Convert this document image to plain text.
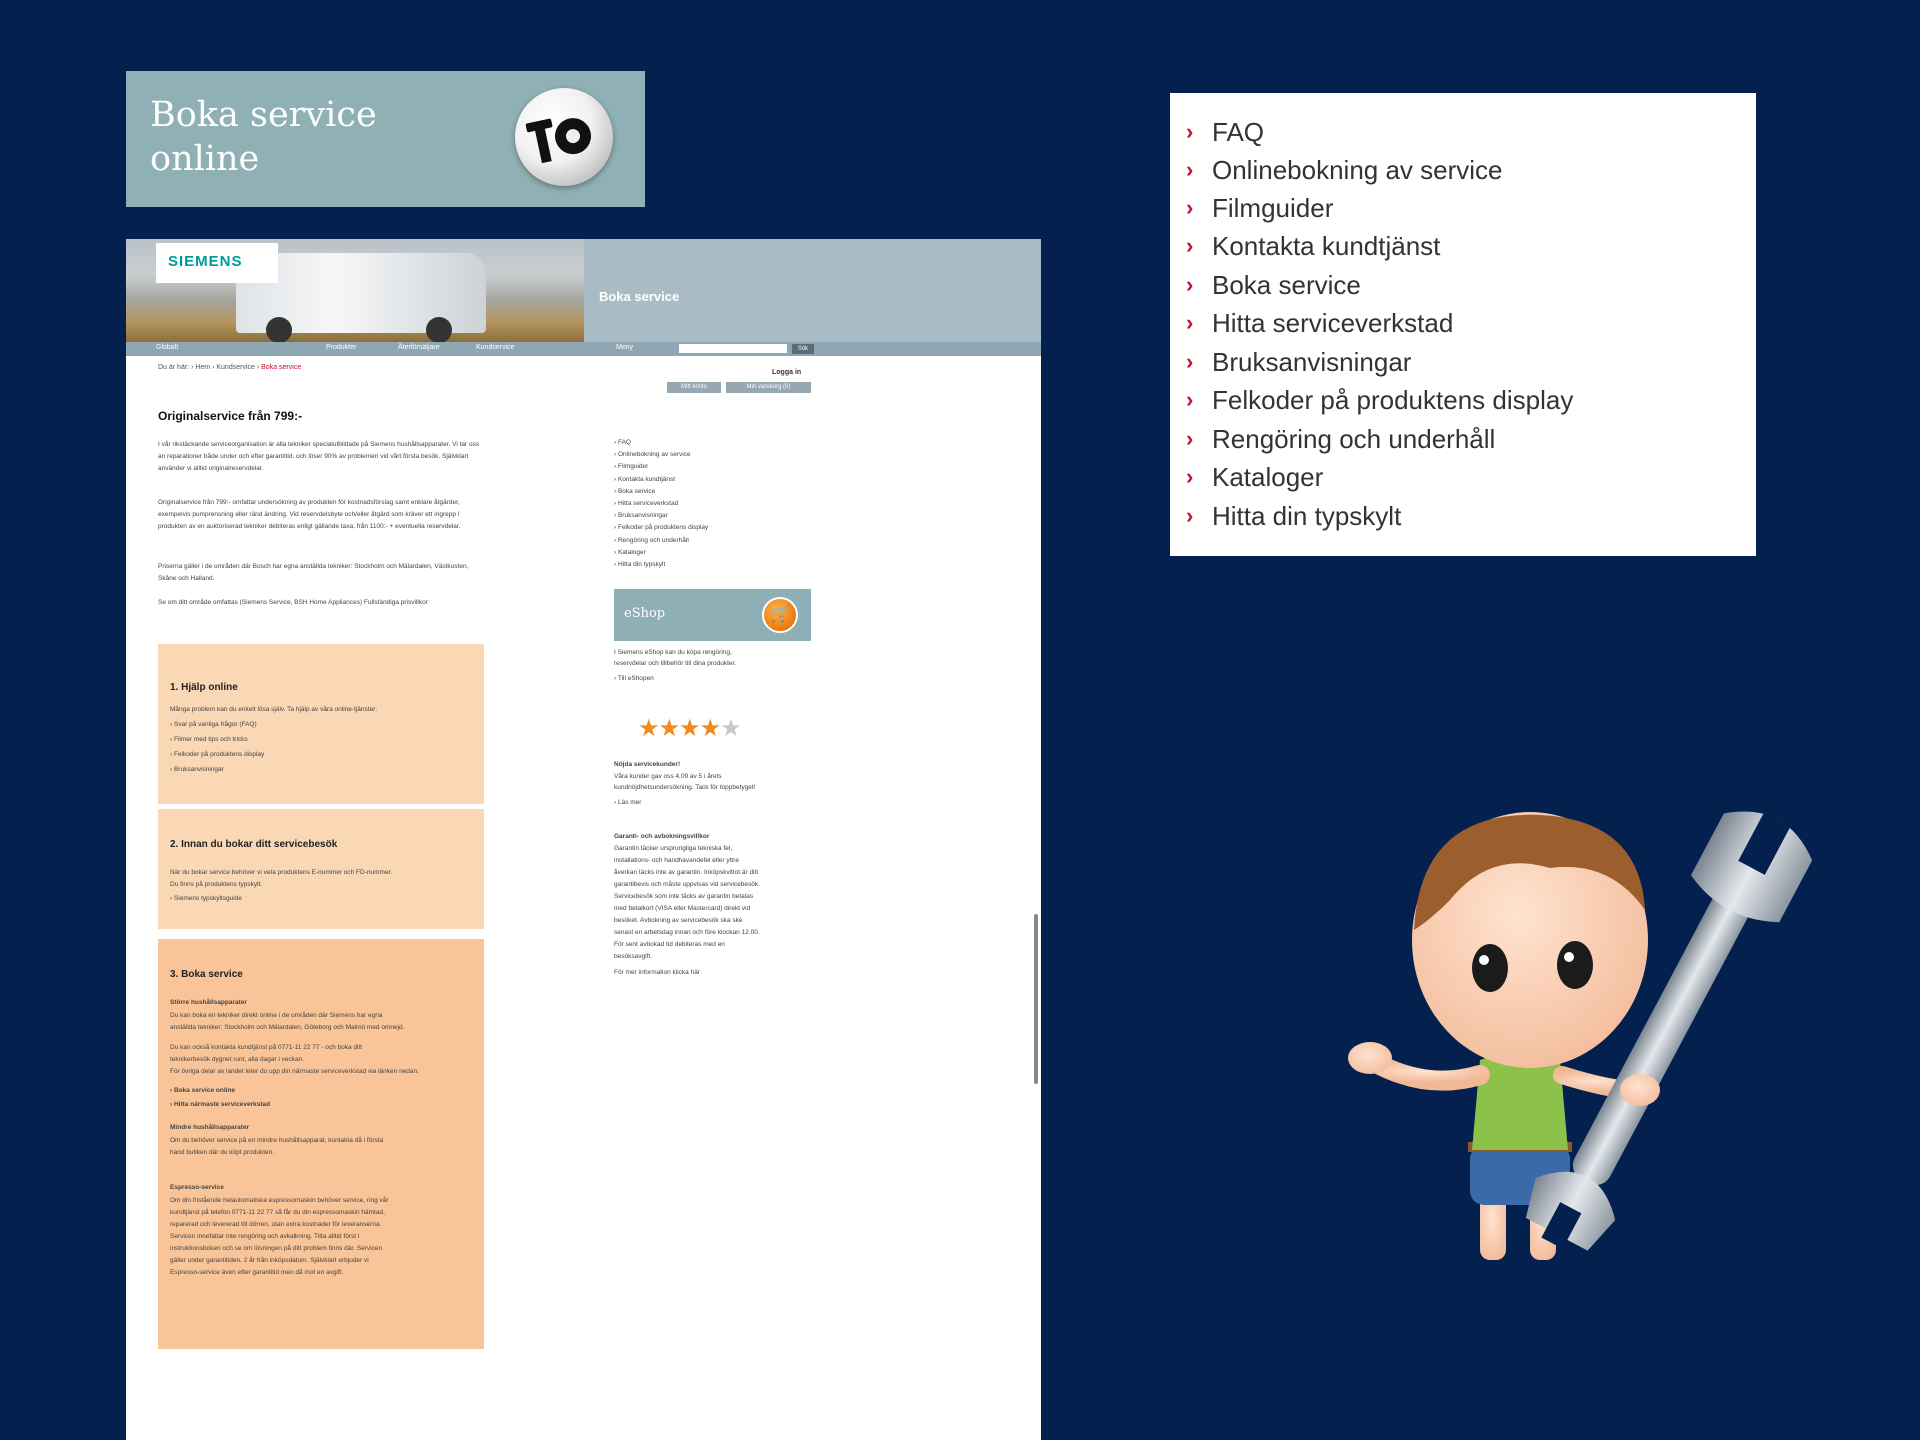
Boka service
online
SIEMENS
Boka service
Globalt	Produkter	Återförsäljare	Kundservice	Meny	Sök
Du är här: › Hem › Kundservice › Boka service
Originalservice från 799:-
I vår rikstäckande serviceorganisation är alla tekniker specialutbildade på Siemens hushållsapparater. Vi tar oss an reparationer både under och efter garantitid, och löser 90% av problemen vid vårt första besök. Självklart använder vi alltid originalreservdelar.
Originalservice från 799:- omfattar undersökning av produkten för kostnadsförslag samt enklare åtgärder, exempelvis pumprensning eller ränd ändring. Vid reservdelsbyte och/eller åtgärd som kräver ett ingrepp i produkten av en auktoriserad tekniker debiteras enligt gällande taxa, från 1100:- + eventuella reservdelar.
Priserna gäller i de områden där Bosch har egna anställda tekniker: Stockholm och Mälardalen, Västkusten, Skåne och Halland.
Se om ditt område omfattas (Siemens Service, BSH Home Appliances) Fullständiga prisvillkor
1. Hjälp online
Många problem kan du enkelt lösa själv. Ta hjälp av våra online-tjänster:
› Svar på vanliga frågor (FAQ)
› Filmer med tips och tricks
› Felkoder på produktens display
› Bruksanvisningar
2. Innan du bokar ditt servicebesök
När du bokar service behöver vi veta produktens E-nummer och FD-nummer.
Du finns på produktens typskylt.
› Siemens typskyltsguide
3. Boka service
Större hushållsapparater
Du kan boka en tekniker direkt online i de områden där Siemens har egna
anställda tekniker: Stockholm och Mälardalen, Göteborg och Malmö med omnejd.
Du kan också kontakta kundtjänst på 0771-11 22 77 - och boka ditt
teknikerbesök dygnet runt, alla dagar i veckan.
För övriga delar av landet leter du upp din närmaste serviceverkstad via länken nedan.
› Boka service online
› Hitta närmaste serviceverkstad
Mindre hushållsapparater
Om du behöver service på en mindre hushållsapparat, kontakta då i första
hand butiken där du köpt produkten.
Espresso-service
Om din fristående helautomatiska espressomaskin behöver service, ring vår
kundtjänst på telefon 0771-11 22 77 så får du din espressomaskin hämtad,
reparerad och levererad till dörren, utan extra kostnader för leveranserna.
Servicen innefattar inte rengöring och avkalkning. Titta alltid först i
instruktionsboken och se om lösningen på ditt problem finns där. Servicen
gäller under garantitiden, 2 år från inköpsdatum. Självklart erbjuder vi
Espresso-service även efter garantitid men då mot en avgift.
Logga in
Mitt konto	Min varukorg (0)
› FAQ
› Onlinebokning av service
› Filmguider
› Kontakta kundtjänst
› Boka service
› Hitta serviceverkstad
› Bruksanvisningar
› Felkoder på produktens display
› Rengöring och underhåll
› Kataloger
› Hitta din typskylt
eShop	🛒
I Siemens eShop kan du köpa rengöring,
reservdelar och tillbehör till dina produkter.
› Till eShopen
★★★★★
Nöjda servicekunder!
Våra kunder gav oss 4,09 av 5 i årets
kundnöjdhetsundersökning. Tack för toppbetyget!
› Läs mer
Garanti- och avbokningsvillkor
Garantin täcker ursprungliga tekniska fel,
installations- och handhavandefel eller yttre
åverkan täcks inte av garantin. Inköpskvittot är ditt
garantibevis och måste uppvisas vid servicebesök.
Servicebesök som inte täcks av garantin betalas
med betalkort (VISA eller Mastercard) direkt vid
besöket. Avbokning av servicebesök ska ske
senast en arbetsdag innan och före klockan 12.00.
För sent avbokad tid debiteras med en
besöksavgift.
För mer information klicka här
› FAQ
› Onlinebokning av service
› Filmguider
› Kontakta kundtjänst
› Boka service
› Hitta serviceverkstad
› Bruksanvisningar
› Felkoder på produktens display
› Rengöring och underhåll
› Kataloger
› Hitta din typskylt
